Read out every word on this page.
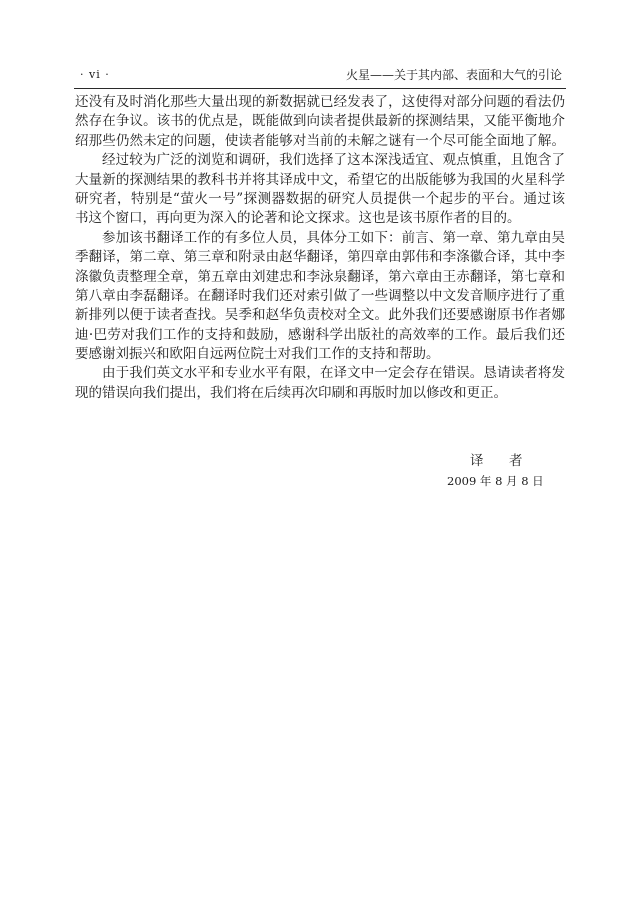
· vi ·	火星——关于其内部、表面和大气的引论
还没有及时消化那些大量出现的新数据就已经发表了，这使得对部分问题的看法仍
然存在争议。该书的优点是，既能做到向读者提供最新的探测结果，又能平衡地介
绍那些仍然未定的问题，使读者能够对当前的未解之谜有一个尽可能全面地了解。
经过较为广泛的浏览和调研，我们选择了这本深浅适宜、观点慎重，且饱含了
大量新的探测结果的教科书并将其译成中文，希望它的出版能够为我国的火星科学
研究者，特别是“萤火一号”探测器数据的研究人员提供一个起步的平台。通过该
书这个窗口，再向更为深入的论著和论文探求。这也是该书原作者的目的。
参加该书翻译工作的有多位人员，具体分工如下：前言、第一章、第九章由吴
季翻译，第二章、第三章和附录由赵华翻译，第四章由郭伟和李涤徽合译，其中李
涤徽负责整理全章，第五章由刘建忠和李泳泉翻译，第六章由王赤翻译，第七章和
第八章由李磊翻译。在翻译时我们还对索引做了一些调整以中文发音顺序进行了重
新排列以便于读者查找。吴季和赵华负责校对全文。此外我们还要感谢原书作者娜
迪·巴劳对我们工作的支持和鼓励，感谢科学出版社的高效率的工作。最后我们还
要感谢刘振兴和欧阳自远两位院士对我们工作的支持和帮助。
由于我们英文水平和专业水平有限，在译文中一定会存在错误。恳请读者将发
现的错误向我们提出，我们将在后续再次印刷和再版时加以修改和更正。
译　者
2009 年 8 月 8 日
